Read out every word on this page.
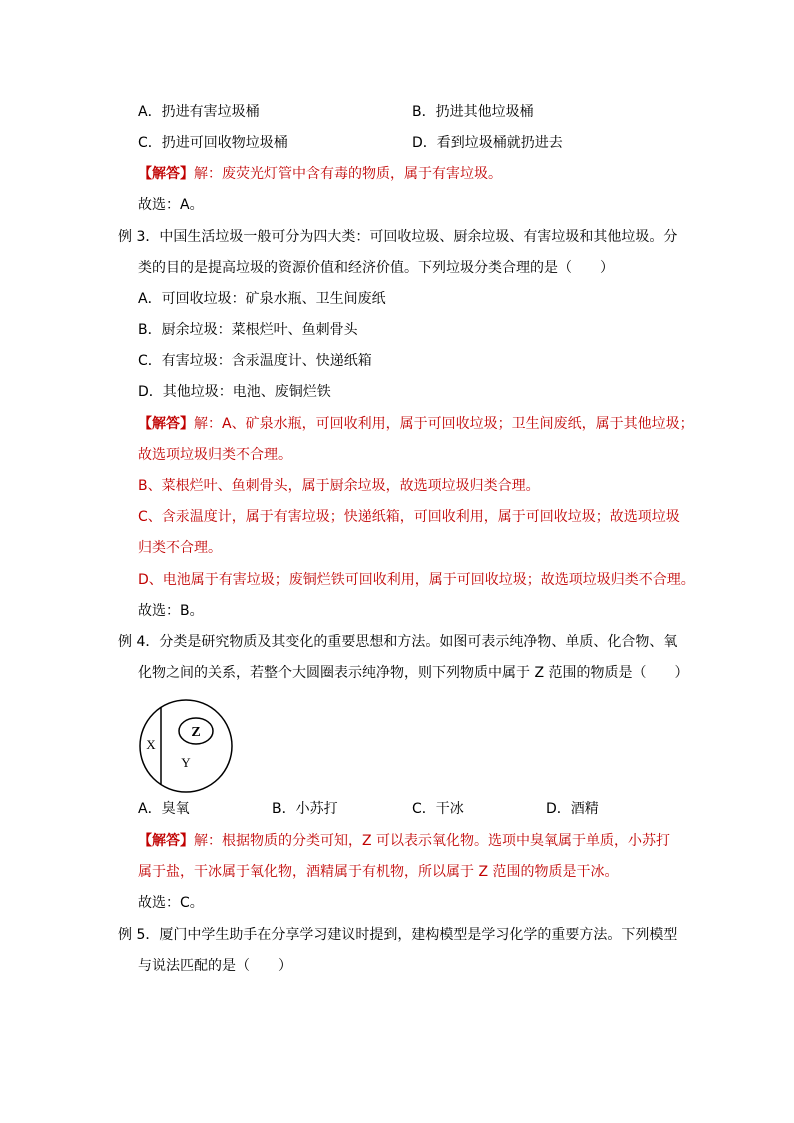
A．扔进有害垃圾桶	B．扔进其他垃圾桶
C．扔进可回收物垃圾桶	D．看到垃圾桶就扔进去
【解答】解：废荧光灯管中含有毒的物质，属于有害垃圾。
故选：A。
例 3．中国生活垃圾一般可分为四大类：可回收垃圾、厨余垃圾、有害垃圾和其他垃圾。分
类的目的是提高垃圾的资源价值和经济价值。下列垃圾分类合理的是（　　）
A．可回收垃圾：矿泉水瓶、卫生间废纸
B．厨余垃圾：菜根烂叶、鱼刺骨头
C．有害垃圾：含汞温度计、快递纸箱
D．其他垃圾：电池、废铜烂铁
【解答】解：A、矿泉水瓶，可回收利用，属于可回收垃圾；卫生间废纸，属于其他垃圾；
故选项垃圾归类不合理。
B、菜根烂叶、鱼刺骨头，属于厨余垃圾，故选项垃圾归类合理。
C、含汞温度计，属于有害垃圾；快递纸箱，可回收利用，属于可回收垃圾；故选项垃圾
归类不合理。
D、电池属于有害垃圾；废铜烂铁可回收利用，属于可回收垃圾；故选项垃圾归类不合理。
故选：B。
例 4．分类是研究物质及其变化的重要思想和方法。如图可表示纯净物、单质、化合物、氧
化物之间的关系，若整个大圆圈表示纯净物，则下列物质中属于 Z 范围的物质是（　　）
Z
X
Y
A．臭氧	B．小苏打	C．干冰	D．酒精
【解答】解：根据物质的分类可知，Z 可以表示氧化物。选项中臭氧属于单质，小苏打
属于盐，干冰属于氧化物，酒精属于有机物，所以属于 Z 范围的物质是干冰。
故选：C。
例 5．厦门中学生助手在分享学习建议时提到，建构模型是学习化学的重要方法。下列模型
与说法匹配的是（　　）
